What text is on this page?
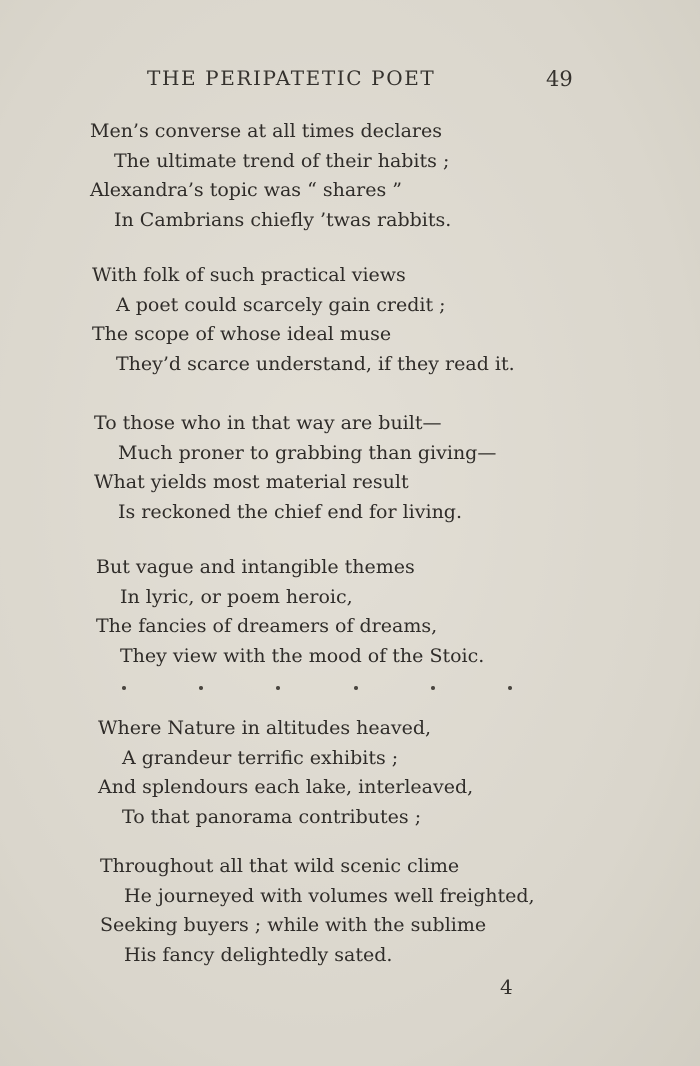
THE PERIPATETIC POET	49
Men’s converse at all times declares
The ultimate trend of their habits ;
Alexandra’s topic was “ shares ”
In Cambrians chiefly ’twas rabbits.
With folk of such practical views
A poet could scarcely gain credit ;
The scope of whose ideal muse
They’d scarce understand, if they read it.
To those who in that way are built—
Much proner to grabbing than giving—
What yields most material result
Is reckoned the chief end for living.
But vague and intangible themes
In lyric, or poem heroic,
The fancies of dreamers of dreams,
They view with the mood of the Stoic.
Where Nature in altitudes heaved,
A grandeur terrific exhibits ;
And splendours each lake, interleaved,
To that panorama contributes ;
Throughout all that wild scenic clime
He journeyed with volumes well freighted,
Seeking buyers ; while with the sublime
His fancy delightedly sated.
4
